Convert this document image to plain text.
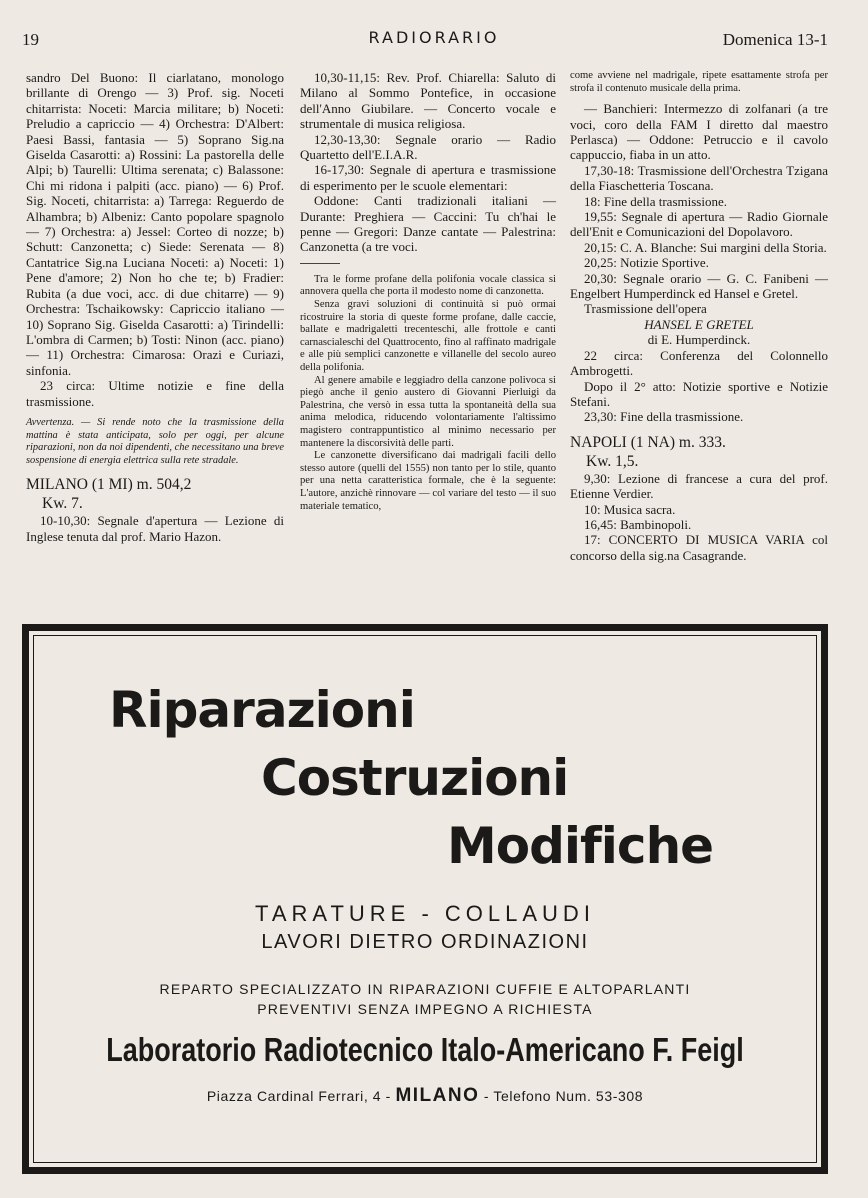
19	RADIORARIO	Domenica 13-1

sandro Del Buono: Il ciarlatano, monologo brillante di Orengo — 3) Prof. sig. Noceti chitarrista: Noceti: Marcia militare; b) Noceti: Preludio a capriccio — 4) Orchestra: D'Albert: Paesi Bassi, fantasia — 5) Soprano Sig.na Giselda Casarotti: a) Rossini: La pastorella delle Alpi; b) Taurelli: Ultima serenata; c) Balassone: Chi mi ridona i palpiti (acc. piano) — 6) Prof. Sig. Noceti, chitarrista: a) Tarrega: Reguerdo de Alhambra; b) Albeniz: Canto popolare spagnolo — 7) Orchestra: a) Jessel: Corteo di nozze; b) Schutt: Canzonetta; c) Siede: Serenata — 8) Cantatrice Sig.na Luciana Noceti: a) Noceti: 1) Pene d'amore; 2) Non ho che te; b) Fradier: Rubita (a due voci, acc. di due chitarre) — 9) Orchestra: Tschaikowsky: Capriccio italiano — 10) Soprano Sig. Giselda Casarotti: a) Tirindelli: L'ombra di Carmen; b) Tosti: Ninon (acc. piano) — 11) Orchestra: Cimarosa: Orazi e Curiazi, sinfonia.

23 circa: Ultime notizie e fine della trasmissione.

Avvertenza. — Si rende noto che la trasmissione della mattina è stata anticipata, solo per oggi, per alcune riparazioni, non da noi dipendenti, che necessitano una breve sospensione di energia elettrica sulla rete stradale.

MILANO (1 MI) m. 504,2

Kw. 7.

10-10,30: Segnale d'apertura — Lezione di Inglese tenuta dal prof. Mario Hazon.

10,30-11,15: Rev. Prof. Chiarella: Saluto di Milano al Sommo Pontefice, in occasione dell'Anno Giubilare. — Concerto vocale e strumentale di musica religiosa.

12,30-13,30: Segnale orario — Radio Quartetto dell'E.I.A.R.

16-17,30: Segnale di apertura e trasmissione di esperimento per le scuole elementari:

Oddone: Canti tradizionali italiani — Durante: Preghiera — Caccini: Tu ch'hai le penne — Gregori: Danze cantate — Palestrina: Canzonetta (a tre voci.

Tra le forme profane della polifonia vocale classica si annovera quella che porta il modesto nome di canzonetta.

Senza gravi soluzioni di continuità si può ormai ricostruire la storia di queste forme profane, dalle caccie, ballate e madrigaletti trecenteschi, alle frottole e canti carnascialeschi del Quattrocento, fino al raffinato madrigale e alle più semplici canzonette e villanelle del secolo aureo della polifonia.

Al genere amabile e leggiadro della canzone polivoca si piegò anche il genio austero di Giovanni Pierluigi da Palestrina, che versò in essa tutta la spontaneità della sua anima melodica, riducendo volontariamente l'altissimo magistero contrappuntistico al minimo necessario per mantenere la discorsività delle parti.

Le canzonette diversificano dai madrigali facili dello stesso autore (quelli del 1555) non tanto per lo stile, quanto per una netta caratteristica formale, che è la seguente: L'autore, anzichè rinnovare — col variare del testo — il suo materiale tematico,

come avviene nel madrigale, ripete esattamente strofa per strofa il contenuto musicale della prima.

— Banchieri: Intermezzo di zolfanari (a tre voci, coro della FAM I diretto dal maestro Perlasca) — Oddone: Petruccio e il cavolo cappuccio, fiaba in un atto.

17,30-18: Trasmissione dell'Orchestra Tzigana della Fiaschetteria Toscana.

18: Fine della trasmissione.

19,55: Segnale di apertura — Radio Giornale dell'Enit e Comunicazioni del Dopolavoro.

20,15: C. A. Blanche: Sui margini della Storia.

20,25: Notizie Sportive.

20,30: Segnale orario — G. C. Fanibeni — Engelbert Humperdinck ed Hansel e Gretel.

Trasmissione dell'opera

HANSEL E GRETEL

di E. Humperdinck.

22 circa: Conferenza del Colonnello Ambrogetti.

Dopo il 2° atto: Notizie sportive e Notizie Stefani.

23,30: Fine della trasmissione.

NAPOLI (1 NA) m. 333.

Kw. 1,5.

9,30: Lezione di francese a cura del prof. Etienne Verdier.

10: Musica sacra.

16,45: Bambinopoli.

17: CONCERTO DI MUSICA VARIA col concorso della sig.na Casagrande.

Riparazioni
Costruzioni
Modifiche
TARATURE - COLLAUDI
LAVORI DIETRO ORDINAZIONI
REPARTO SPECIALIZZATO IN RIPARAZIONI CUFFIE E ALTOPARLANTI
PREVENTIVI SENZA IMPEGNO A RICHIESTA
Laboratorio Radiotecnico Italo-Americano F. Feigl
Piazza Cardinal Ferrari, 4 - MILANO - Telefono Num. 53-308
